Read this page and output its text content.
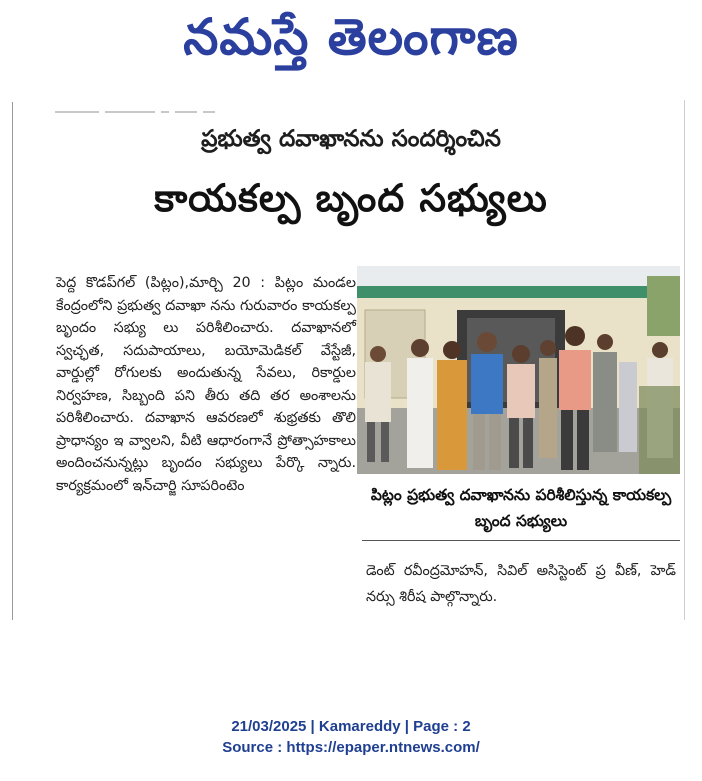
నమస్తే తెలంగాణ
ప్రభుత్వ దవాఖానను సందర్శించిన
కాయకల్ప బృంద సభ్యులు

పెద్ద కొడప్‌గల్ (పిట్లం),మార్చి 20 : పిట్లం మండల కేంద్రంలోని ప్రభుత్వ దవాఖా నను గురువారం కాయకల్ప బృందం సభ్యు లు పరిశీలించారు. దవాఖానలో స్వచ్ఛత, సదుపాయాలు, బయోమెడికల్ వేస్టేజీ, వార్డుల్లో రోగులకు అందుతున్న సేవలు, రికార్డుల నిర్వహణ, సిబ్బంది పని తీరు తది తర అంశాలను పరిశీలించారు. దవాఖాన ఆవరణలో శుభ్రతకు తొలి ప్రాధాన్యం ఇ వ్వాలని, వీటి ఆధారంగానే ప్రోత్సాహకాలు అందించనున్నట్లు బృందం సభ్యులు పేర్కొ న్నారు. కార్యక్రమంలో ఇన్‌చార్జి సూపరింటెం

పిట్లం ప్రభుత్వ దవాఖానను పరిశీలిస్తున్న కాయకల్ప బృంద సభ్యులు

డెంట్ రవీంద్రమోహన్, సివిల్ అసిస్టెంట్ ప్ర వీణ్, హెడ్ నర్సు శిరీష పాల్గొన్నారు.

21/03/2025 | Kamareddy | Page : 2
Source : https://epaper.ntnews.com/
